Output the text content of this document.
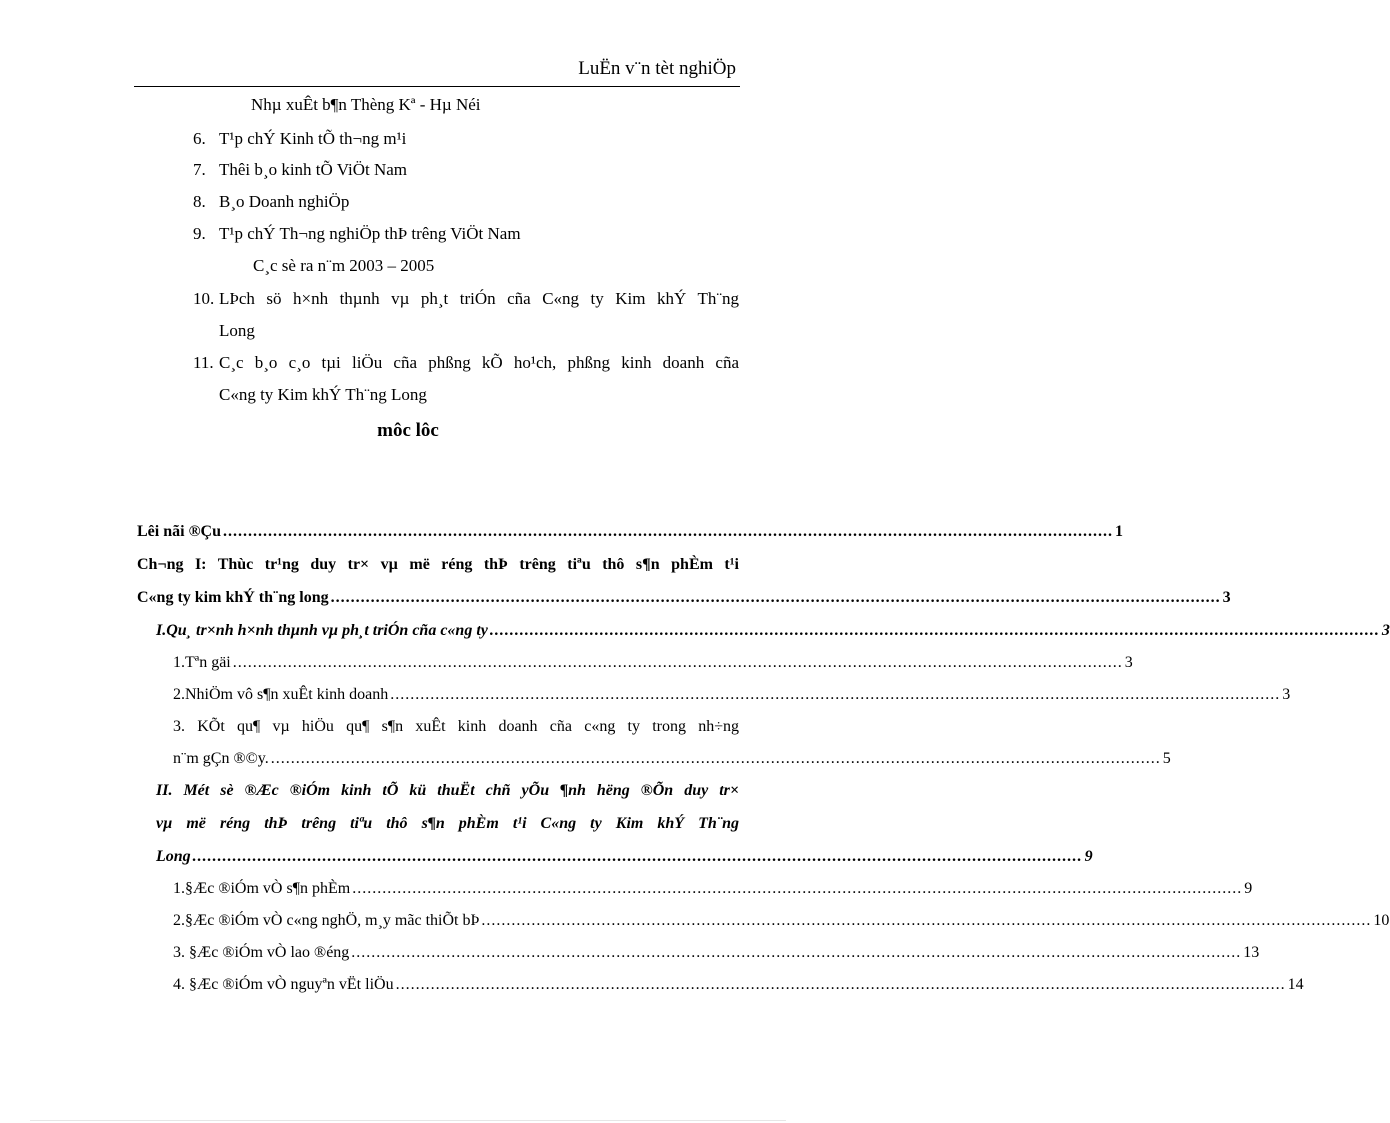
LuËn v¨n tèt nghiÖp
Nhµ xuÊt b¶n Thèng Kª - Hµ Néi
6. T¹p chÝ Kinh tÕ th¬ng m¹i
7. Thêi b¸o kinh tÕ ViÖt Nam
8. B¸o Doanh nghiÖp
9. T¹p chÝ Th¬ng nghiÖp thÞ trêng ViÖt Nam
C¸c sè ra n¨m 2003 – 2005
10. LÞch sö h×nh thµnh vµ ph¸t triÓn cña C«ng ty Kim khÝ Th¨ng
Long
11. C¸c b¸o c¸o tµi liÖu cña phßng kÕ ho¹ch, phßng kinh doanh cña
C«ng ty Kim khÝ Th¨ng Long
môc lôc
Lêi nãi ®Çu .................................................................................................................................................................................. 1
Ch¬ng I: Thùc tr¹ng duy tr× vµ më réng thÞ trêng tiªu thô s¶n phÈm t¹i
C«ng ty kim khÝ th¨ng long .................................................................................................................................................................................. 3
I.Qu¸ tr×nh h×nh thµnh vµ ph¸t triÓn cña c«ng ty .................................................................................................................................................................................. 3
1.Tªn gäi .................................................................................................................................................................................. 3
2.NhiÖm vô s¶n xuÊt kinh doanh .................................................................................................................................................................................. 3
3. KÕt qu¶ vµ hiÖu qu¶ s¶n xuÊt kinh doanh cña c«ng ty trong nh÷ng
n¨m gÇn ®©y. .................................................................................................................................................................................. 5
II. Mét sè ®Æc ®iÓm kinh tÕ kü thuËt chñ yÕu ¶nh hëng ®Õn duy tr×
vµ më réng thÞ trêng tiªu thô s¶n phÈm t¹i C«ng ty Kim khÝ Th¨ng
Long .................................................................................................................................................................................. 9
1.§Æc ®iÓm vÒ s¶n phÈm .................................................................................................................................................................................. 9
2.§Æc ®iÓm vÒ c«ng nghÖ, m¸y mãc thiÕt bÞ .................................................................................................................................................................................. 10
3. §Æc ®iÓm vÒ lao ®éng .................................................................................................................................................................................. 13
4. §Æc ®iÓm vÒ nguyªn vËt liÖu .................................................................................................................................................................................. 14
